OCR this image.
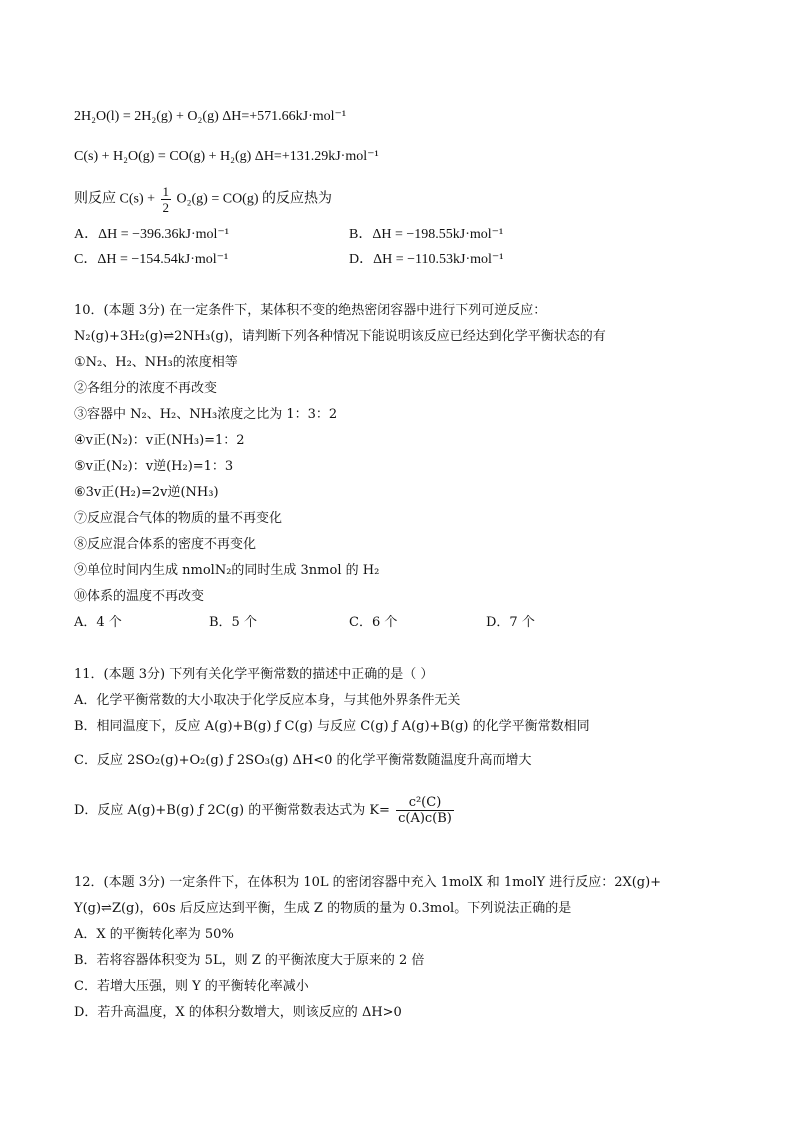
2H₂O(l) = 2H₂(g) + O₂(g) ΔH=+571.66kJ·mol⁻¹
C(s) + H₂O(g) = CO(g) + H₂(g) ΔH=+131.29kJ·mol⁻¹
则反应 $C(s) + \frac{1}{2} O_2(g) = CO(g)$ 的反应热为
A．ΔH = −396.36kJ·mol⁻¹	B．ΔH = −198.55kJ·mol⁻¹
C．ΔH = −154.54kJ·mol⁻¹	D．ΔH = −110.53kJ·mol⁻¹
10．(本题 3分) 在一定条件下，某体积不变的绝热密闭容器中进行下列可逆反应：
N₂(g)+3H₂(g)⇌2NH₃(g)，请判断下列各种情况下能说明该反应已经达到化学平衡状态的有
①N₂、H₂、NH₃的浓度相等
②各组分的浓度不再改变
③容器中 N₂、H₂、NH₃浓度之比为 1：3：2
④v正(N₂)：v正(NH₃)=1：2
⑤v正(N₂)：v逆(H₂)=1：3
⑥3v正(H₂)=2v逆(NH₃)
⑦反应混合气体的物质的量不再变化
⑧反应混合体系的密度不再变化
⑨单位时间内生成 nmolN₂的同时生成 3nmol 的 H₂
⑩体系的温度不再改变
A．4 个	B．5 个	C．6 个	D．7 个
11．(本题 3分) 下列有关化学平衡常数的描述中正确的是（ ）
A．化学平衡常数的大小取决于化学反应本身，与其他外界条件无关
B．相同温度下，反应 A(g)+B(g) ƒ C(g) 与反应 C(g) ƒ A(g)+B(g) 的化学平衡常数相同
C．反应 2SO₂(g)+O₂(g) ƒ 2SO₃(g) ΔH<0 的化学平衡常数随温度升高而增大
D．反应 A(g)+B(g) ƒ 2C(g) 的平衡常数表达式为 $K= \frac{\text{c²(C)}}{c(A)c(B)}$
12．(本题 3分) 一定条件下，在体积为 10L 的密闭容器中充入 1molX 和 1molY 进行反应：2X(g)+
Y(g)⇌Z(g)，60s 后反应达到平衡，生成 Z 的物质的量为 0.3mol。下列说法正确的是
A．X 的平衡转化率为 50%
B．若将容器体积变为 5L，则 Z 的平衡浓度大于原来的 2 倍
C．若增大压强，则 Y 的平衡转化率减小
D．若升高温度，X 的体积分数增大，则该反应的 ΔH>0
